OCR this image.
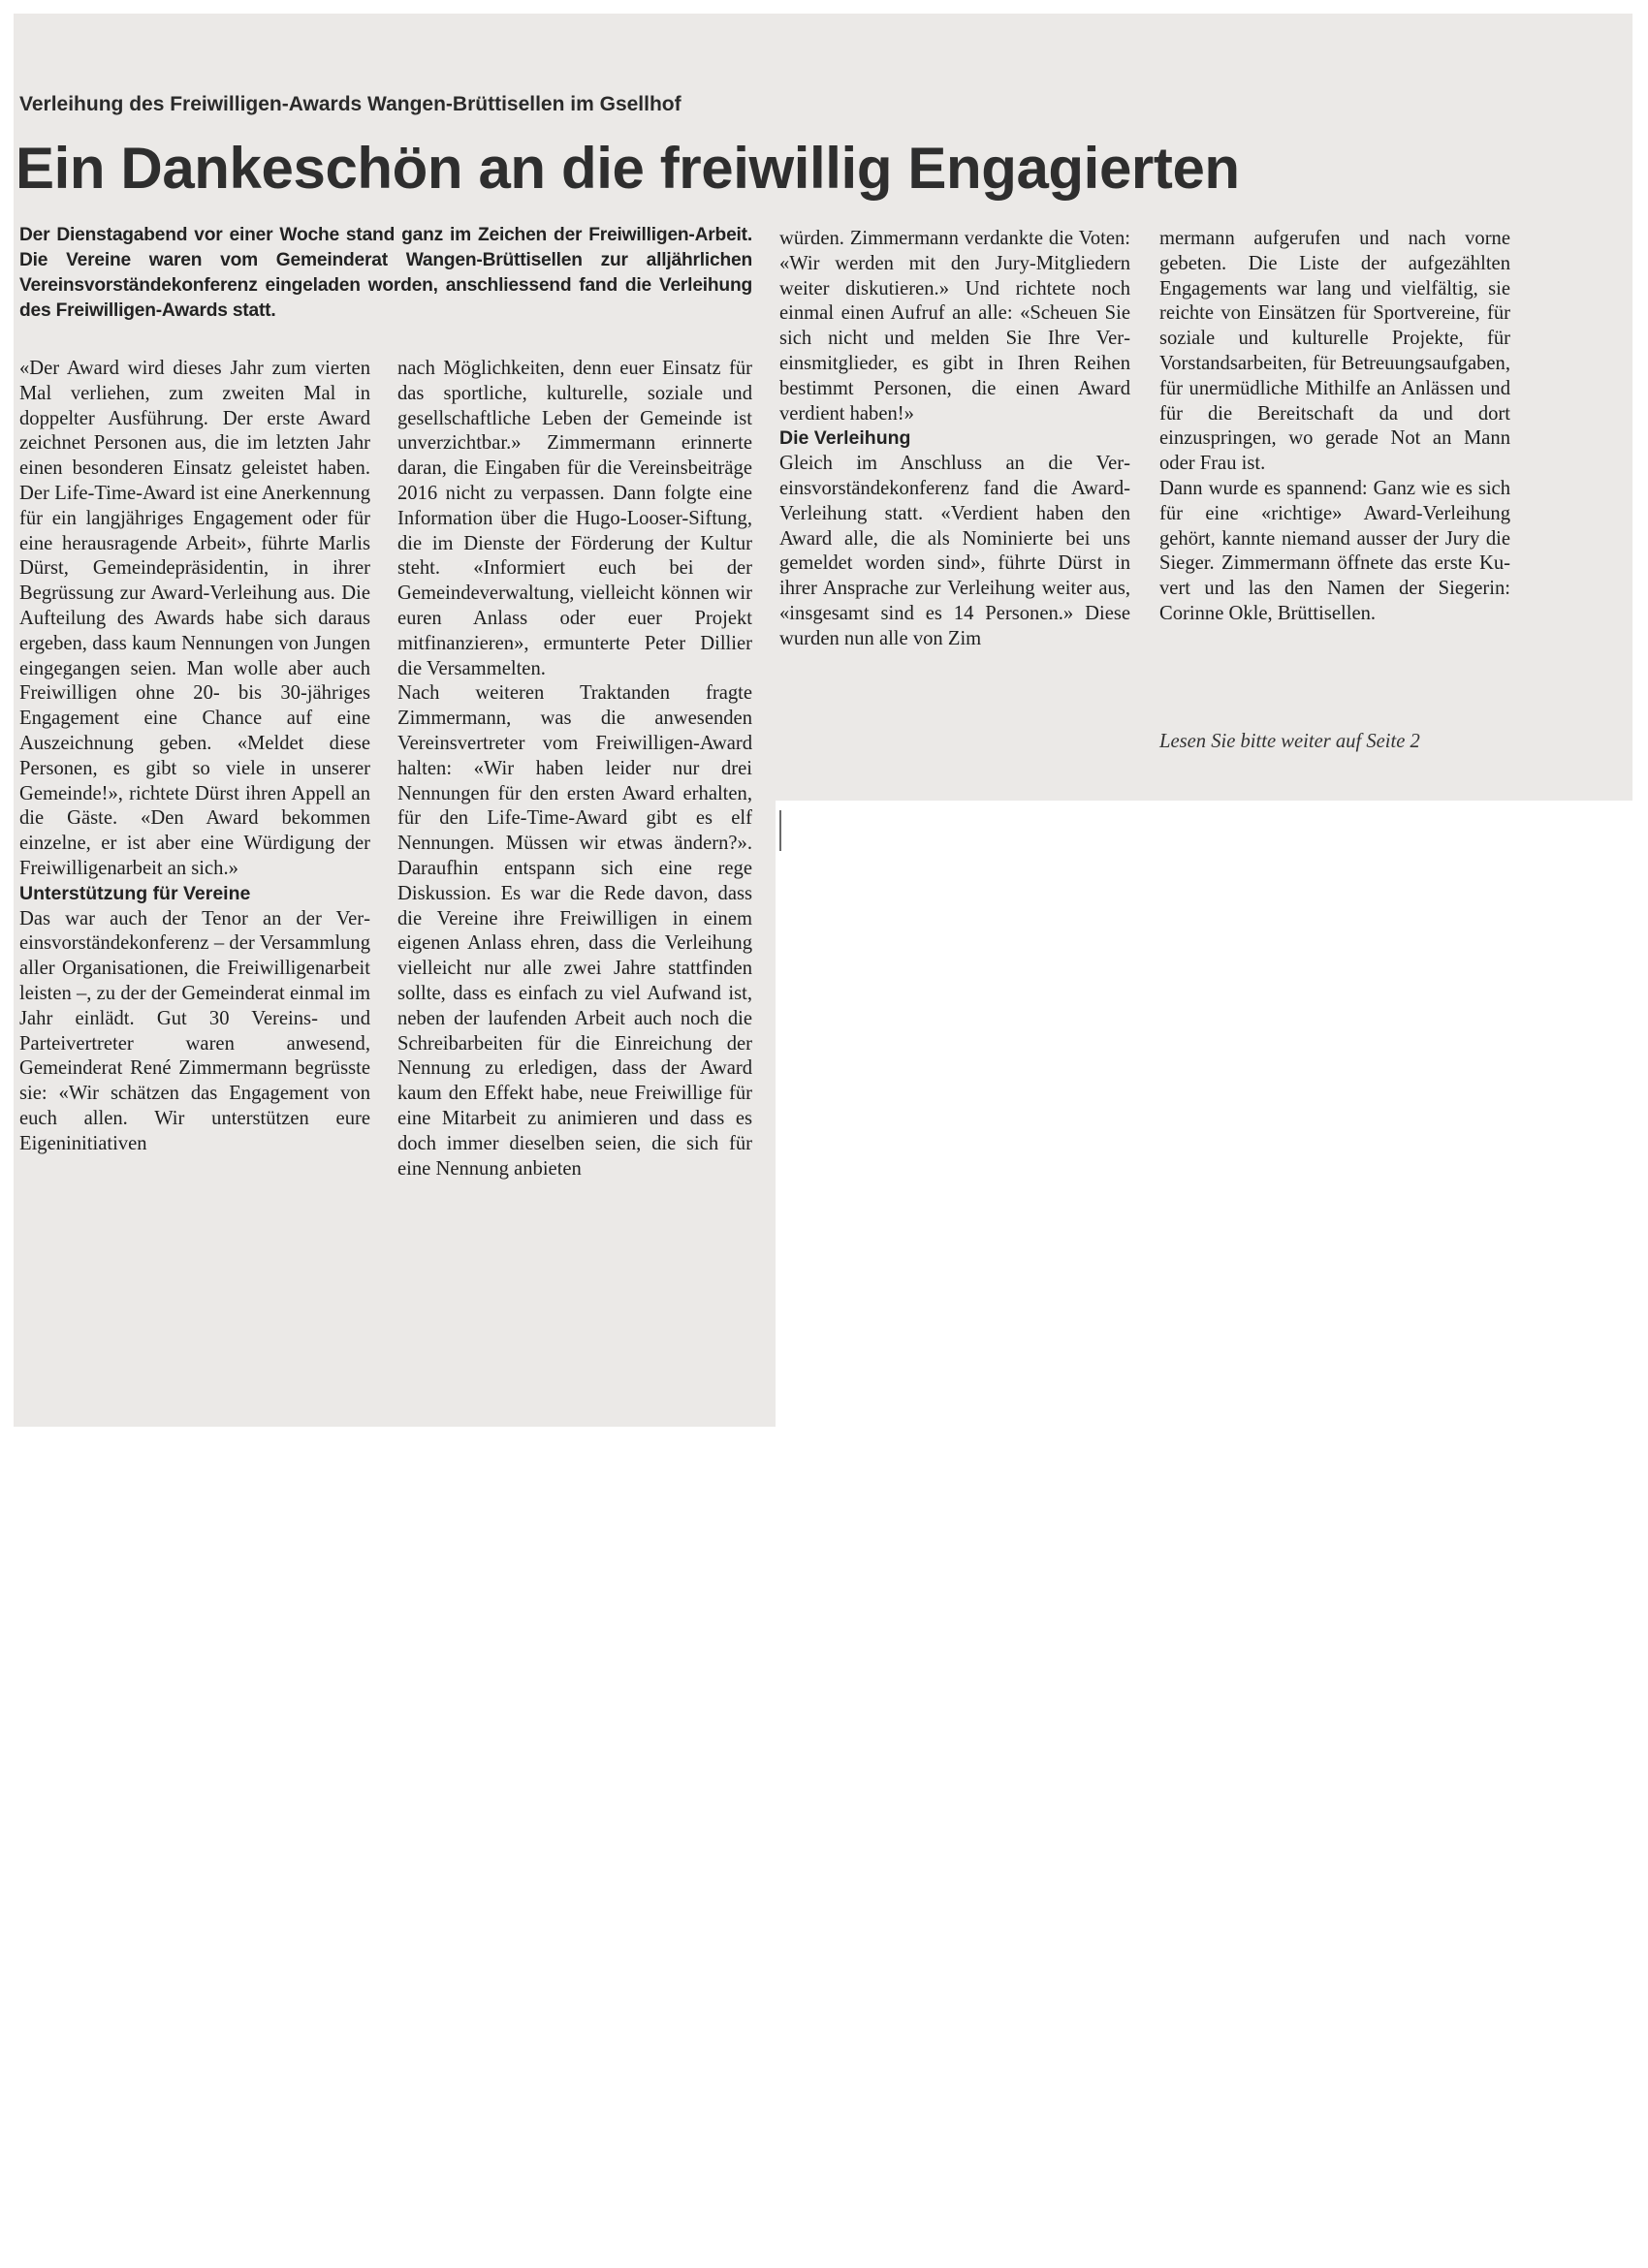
Verleihung des Freiwilligen-Awards Wangen-Brüttisellen im Gsellhof
Ein Dankeschön an die freiwillig Engagierten
Der Dienstagabend vor einer Woche stand ganz im Zeichen der Freiwilligen-Arbeit. Die Vereine waren vom Gemeinderat Wangen-Brüttisellen zur alljährlichen Vereinsvorständekonferenz eingeladen worden, anschliessend fand die Verleihung des Freiwilligen-Awards statt.

«Der Award wird dieses Jahr zum vierten Mal verliehen, zum zweiten Mal in doppelter Ausführung. Der erste Award zeichnet Personen aus, die im letzten Jahr einen besonderen Einsatz geleistet haben. Der Life-Time-Award ist eine Anerkennung für ein langjähriges Engagement oder für eine herausragende Arbeit», führte Marlis Dürst, Gemeindepräsidentin, in ihrer Begrüssung zur Award-Verleihung aus. Die Aufteilung des Awards habe sich daraus ergeben, dass kaum Nennungen von Jungen eingegangen seien. Man wolle aber auch Freiwilligen ohne 20- bis 30-jähriges Engagement eine Chance auf eine Auszeichnung geben. «Meldet diese Personen, es gibt so viele in unserer Gemeinde!», richtete Dürst ihren Appell an die Gäste. «Den Award bekommen einzelne, er ist aber eine Würdigung der Freiwilligenarbeit an sich.»

Unterstützung für Vereine

Das war auch der Tenor an der Vereinsvorständekonferenz – der Versammlung aller Organisationen, die Freiwilligenarbeit leisten –, zu der der Gemeinderat einmal im Jahr einlädt. Gut 30 Vereins- und Parteivertreter waren anwesend, Gemeinderat René Zimmermann begrüsste sie: «Wir schätzen das Engagement von euch allen. Wir unterstützen eure Eigeninitiativen

nach Möglichkeiten, denn euer Einsatz für das sportliche, kulturelle, soziale und gesellschaftliche Leben der Gemeinde ist unverzichtbar.» Zimmermann erinnerte daran, die Eingaben für die Vereinsbeiträge 2016 nicht zu verpassen. Dann folgte eine Information über die Hugo-Looser-Siftung, die im Dienste der Förderung der Kultur steht. «Informiert euch bei der Gemeindeverwaltung, vielleicht können wir euren Anlass oder euer Projekt mitfinanzieren», ermunterte Peter Dillier die Versammelten.

Nach weiteren Traktanden fragte Zimmermann, was die anwesenden Vereinsvertreter vom Freiwilligen-Award halten: «Wir haben leider nur drei Nennungen für den ersten Award erhalten, für den Life-Time-Award gibt es elf Nennungen. Müssen wir etwas ändern?». Daraufhin entspann sich eine rege Diskussion. Es war die Rede davon, dass die Vereine ihre Freiwilligen in einem eigenen Anlass ehren, dass die Verleihung vielleicht nur alle zwei Jahre stattfinden sollte, dass es einfach zu viel Aufwand ist, neben der laufenden Arbeit auch noch die Schreibarbeiten für die Einreichung der Nennung zu erledigen, dass der Award kaum den Effekt habe, neue Freiwillige für eine Mitarbeit zu animieren und dass es doch immer dieselben seien, die sich für eine Nennung anbieten

würden. Zimmermann verdankte die Voten: «Wir werden mit den Jury-Mitgliedern weiter diskutieren.» Und richtete noch einmal einen Aufruf an alle: «Scheuen Sie sich nicht und melden Sie Ihre Vereinsmitglieder, es gibt in Ihren Reihen bestimmt Personen, die einen Award verdient haben!»

Die Verleihung

Gleich im Anschluss an die Vereinsvorständekonferenz fand die Award-Verleihung statt. «Verdient haben den Award alle, die als Nominierte bei uns gemeldet worden sind», führte Dürst in ihrer Ansprache zur Verleihung weiter aus, «insgesamt sind es 14 Personen.» Diese wurden nun alle von Zim

mermann aufgerufen und nach vorne gebeten. Die Liste der aufgezählten Engagements war lang und vielfältig, sie reichte von Einsätzen für Sportvereine, für soziale und kulturelle Projekte, für Vorstandsarbeiten, für Betreuungsaufgaben, für unermüdliche Mithilfe an Anlässen und für die Bereitschaft da und dort einzuspringen, wo gerade Not an Mann oder Frau ist.

Dann wurde es spannend: Ganz wie es sich für eine «richtige» Award-Verleihung gehört, kannte niemand ausser der Jury die Sieger. Zimmermann öffnete das erste Kuvert und las den Namen der Siegerin: Corinne Okle, Brüttisellen.

Lesen Sie bitte weiter auf Seite 2
